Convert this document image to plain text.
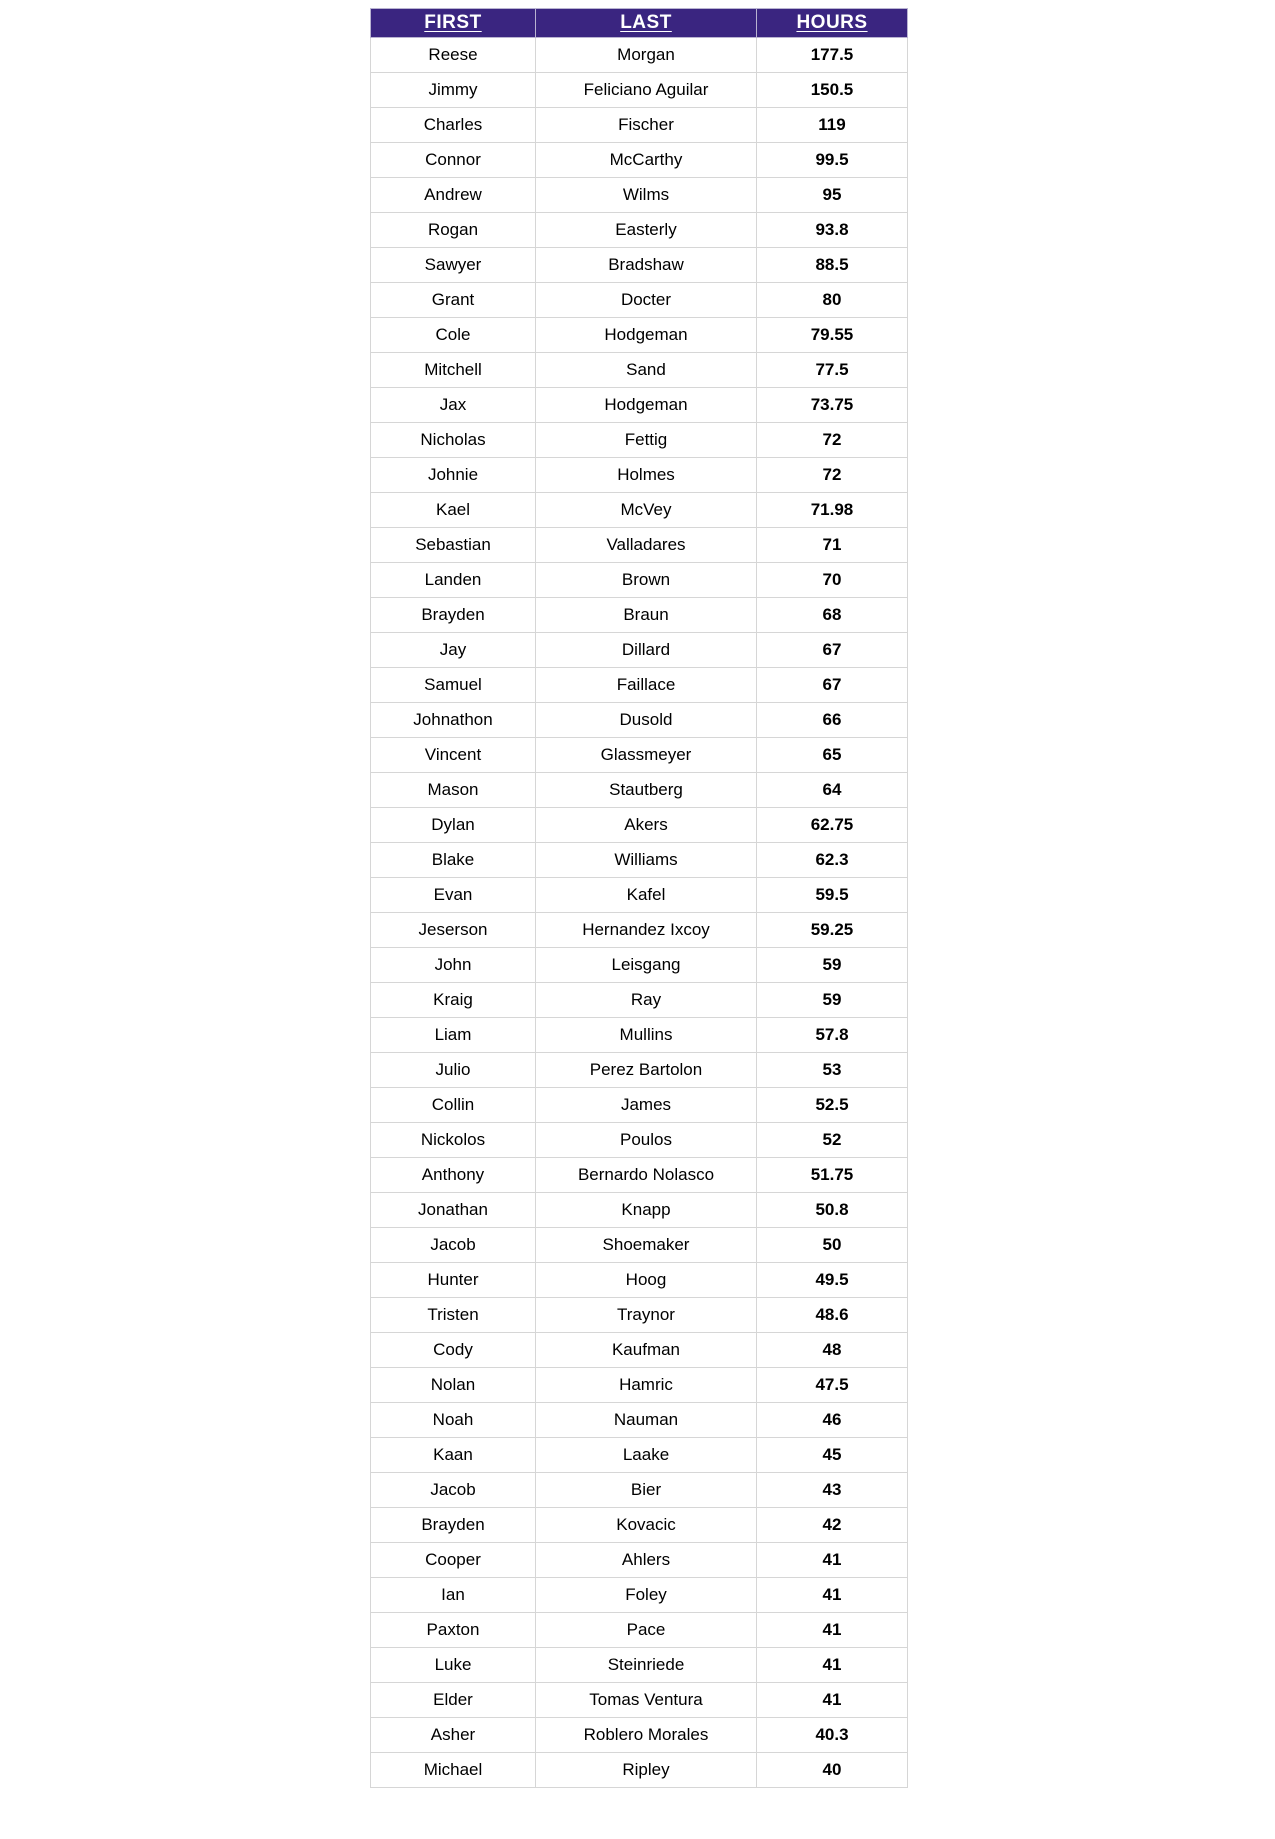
FIRST	LAST	HOURS
Reese	Morgan	177.5
Jimmy	Feliciano Aguilar	150.5
Charles	Fischer	119
Connor	McCarthy	99.5
Andrew	Wilms	95
Rogan	Easterly	93.8
Sawyer	Bradshaw	88.5
Grant	Docter	80
Cole	Hodgeman	79.55
Mitchell	Sand	77.5
Jax	Hodgeman	73.75
Nicholas	Fettig	72
Johnie	Holmes	72
Kael	McVey	71.98
Sebastian	Valladares	71
Landen	Brown	70
Brayden	Braun	68
Jay	Dillard	67
Samuel	Faillace	67
Johnathon	Dusold	66
Vincent	Glassmeyer	65
Mason	Stautberg	64
Dylan	Akers	62.75
Blake	Williams	62.3
Evan	Kafel	59.5
Jeserson	Hernandez Ixcoy	59.25
John	Leisgang	59
Kraig	Ray	59
Liam	Mullins	57.8
Julio	Perez Bartolon	53
Collin	James	52.5
Nickolos	Poulos	52
Anthony	Bernardo Nolasco	51.75
Jonathan	Knapp	50.8
Jacob	Shoemaker	50
Hunter	Hoog	49.5
Tristen	Traynor	48.6
Cody	Kaufman	48
Nolan	Hamric	47.5
Noah	Nauman	46
Kaan	Laake	45
Jacob	Bier	43
Brayden	Kovacic	42
Cooper	Ahlers	41
Ian	Foley	41
Paxton	Pace	41
Luke	Steinriede	41
Elder	Tomas Ventura	41
Asher	Roblero Morales	40.3
Michael	Ripley	40
